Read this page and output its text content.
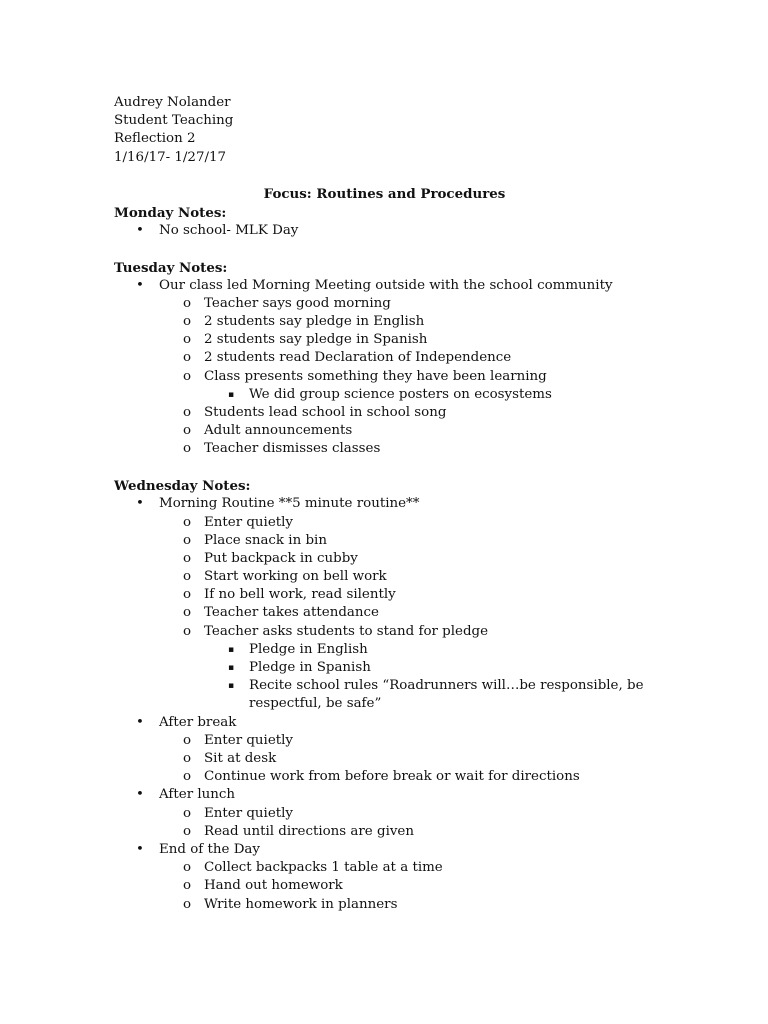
Audrey Nolander
Student Teaching
Reflection 2
1/16/17- 1/27/17
Focus: Routines and Procedures
Monday Notes:
• No school- MLK Day
Tuesday Notes:
• Our class led Morning Meeting outside with the school community
o Teacher says good morning
o 2 students say pledge in English
o 2 students say pledge in Spanish
o 2 students read Declaration of Independence
o Class presents something they have been learning
▪ We did group science posters on ecosystems
o Students lead school in school song
o Adult announcements
o Teacher dismisses classes
Wednesday Notes:
• Morning Routine **5 minute routine**
o Enter quietly
o Place snack in bin
o Put backpack in cubby
o Start working on bell work
o If no bell work, read silently
o Teacher takes attendance
o Teacher asks students to stand for pledge
▪ Pledge in English
▪ Pledge in Spanish
▪ Recite school rules “Roadrunners will…be responsible, be respectful, be safe”
• After break
o Enter quietly
o Sit at desk
o Continue work from before break or wait for directions
• After lunch
o Enter quietly
o Read until directions are given
• End of the Day
o Collect backpacks 1 table at a time
o Hand out homework
o Write homework in planners
